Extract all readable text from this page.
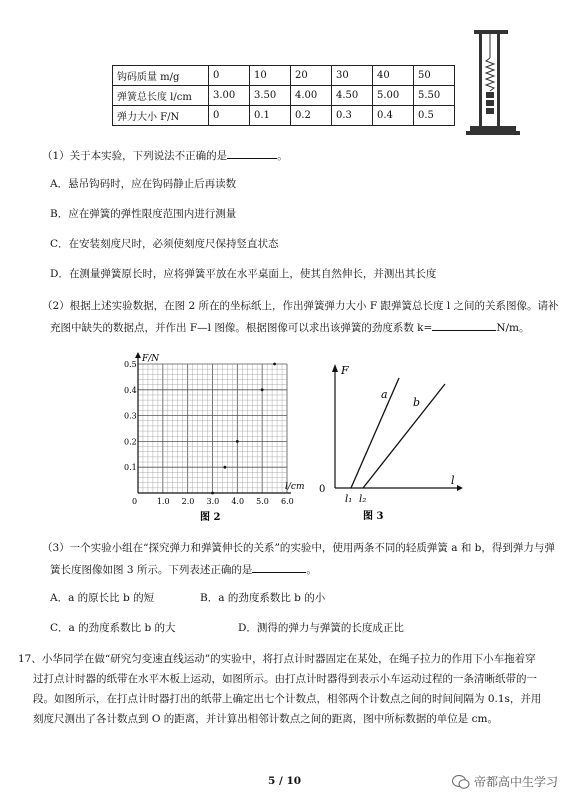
钩码质量 m/g	0	10	20	30	40	50
弹簧总长度 l/cm	3.00	3.50	4.00	4.50	5.00	5.50
弹力大小 F/N	0	0.1	0.2	0.3	0.4	0.5
（1）关于本实验，下列说法不正确的是	。
A．悬吊钩码时，应在钩码静止后再读数
B．应在弹簧的弹性限度范围内进行测量
C．在安装刻度尺时，必须使刻度尺保持竖直状态
D．在测量弹簧原长时，应将弹簧平放在水平桌面上，使其自然伸长，并测出其长度
（2）根据上述实验数据，在图 2 所在的坐标纸上，作出弹簧弹力大小 F 跟弹簧总长度 l 之间的关系图像。请补
充图中缺失的数据点，并作出 F—l 图像。根据图像可以求出该弹簧的劲度系数 k=	N/m。
F/N
l/cm
0.1
0.2
0.3
0.4
0.5
0 1.0 2.0 3.0 4.0 5.0 6.0
图 2
F
l
0
a
b
l₁ l₂
图 3
（3）一个实验小组在“探究弹力和弹簧伸长的关系”的实验中，使用两条不同的轻质弹簧 a 和 b，得到弹力与弹
簧长度图像如图 3 所示。下列表述正确的是	。
A．a 的原长比 b 的短	B．a 的劲度系数比 b 的小
C．a 的劲度系数比 b 的大	D．测得的弹力与弹簧的长度成正比
17、小华同学在做“研究匀变速直线运动”的实验中，将打点计时器固定在某处，在绳子拉力的作用下小车拖着穿
过打点计时器的纸带在水平木板上运动，如图所示。由打点计时器得到表示小车运动过程的一条清晰纸带的一
段。如图所示，在打点计时器打出的纸带上确定出七个计数点，相邻两个计数点之间的时间间隔为 0.1s，并用
刻度尺测出了各计数点到 O 的距离，并计算出相邻计数点之间的距离，图中所标数据的单位是 cm。
5 / 10	帝都高中生学习
